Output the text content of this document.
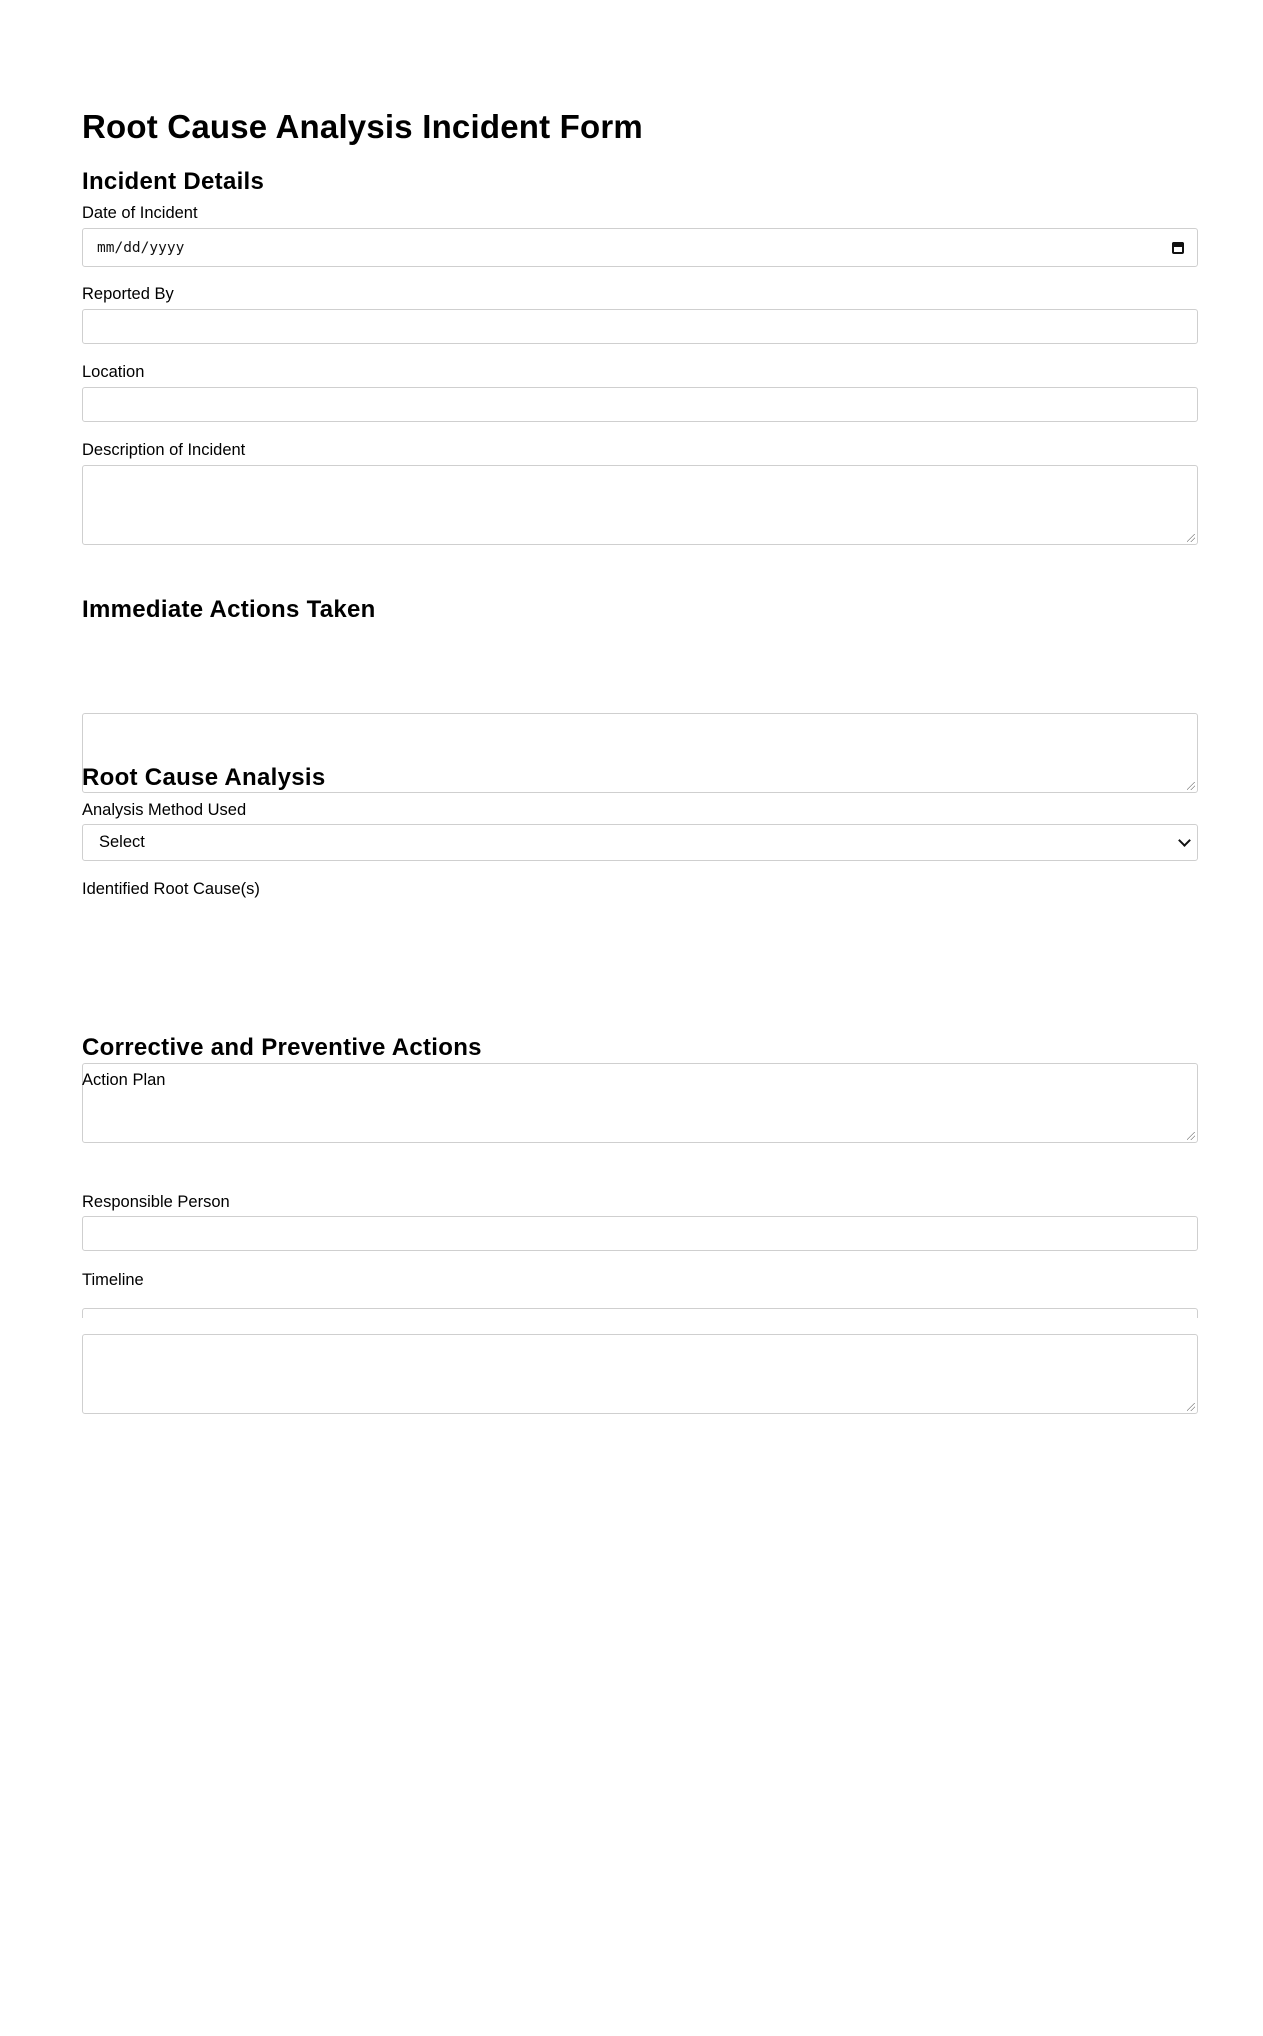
Root Cause Analysis Incident Form
Incident Details
Date of Incident
mm/dd/yyyy
Reported By
Location
Description of Incident
Immediate Actions Taken
Root Cause Analysis
Analysis Method Used
Select
Identified Root Cause(s)
Corrective and Preventive Actions
Action Plan
Responsible Person
Timeline
